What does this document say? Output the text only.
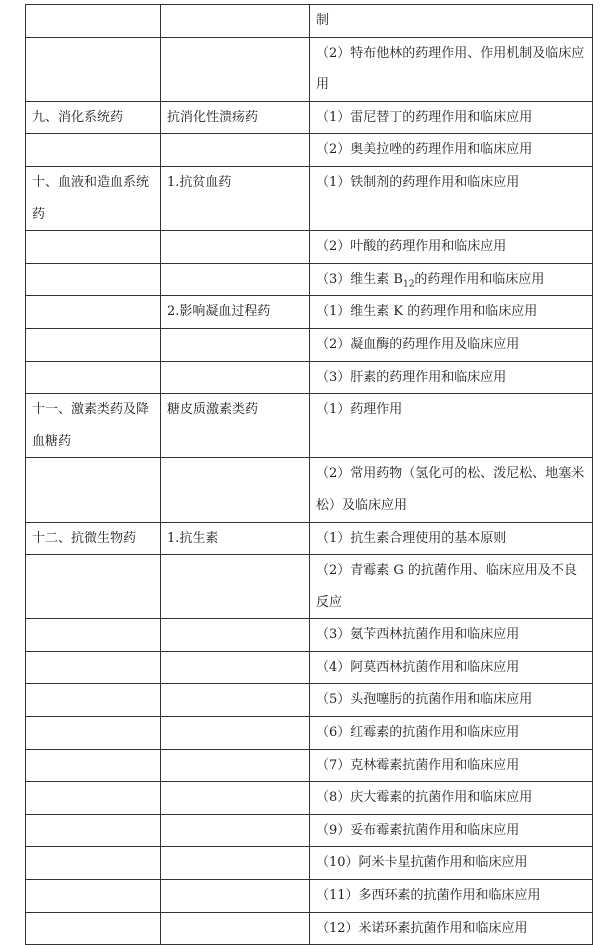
		制
		（2）特布他林的药理作用、作用机制及临床应用
九、消化系统药	抗消化性溃疡药	（1）雷尼替丁的药理作用和临床应用
		（2）奥美拉唑的药理作用和临床应用
十、血液和造血系统药	1.抗贫血药	（1）铁制剂的药理作用和临床应用
		（2）叶酸的药理作用和临床应用
		（3）维生素 $B_{12}$的药理作用和临床应用
	2.影响凝血过程药	（1）维生素 K 的药理作用和临床应用
		（2）凝血酶的药理作用及临床应用
		（3）肝素的药理作用和临床应用
十一、激素类药及降血糖药	糖皮质激素类药	（1）药理作用
		（2）常用药物（氢化可的松、泼尼松、地塞米松）及临床应用
十二、抗微生物药	1.抗生素	（1）抗生素合理使用的基本原则
		（2）青霉素 G 的抗菌作用、临床应用及不良反应
		（3）氨苄西林抗菌作用和临床应用
		（4）阿莫西林抗菌作用和临床应用
		（5）头孢噻肟的抗菌作用和临床应用
		（6）红霉素的抗菌作用和临床应用
		（7）克林霉素抗菌作用和临床应用
		（8）庆大霉素的抗菌作用和临床应用
		（9）妥布霉素抗菌作用和临床应用
		（10）阿米卡星抗菌作用和临床应用
		（11）多西环素的抗菌作用和临床应用
		（12）米诺环素抗菌作用和临床应用
